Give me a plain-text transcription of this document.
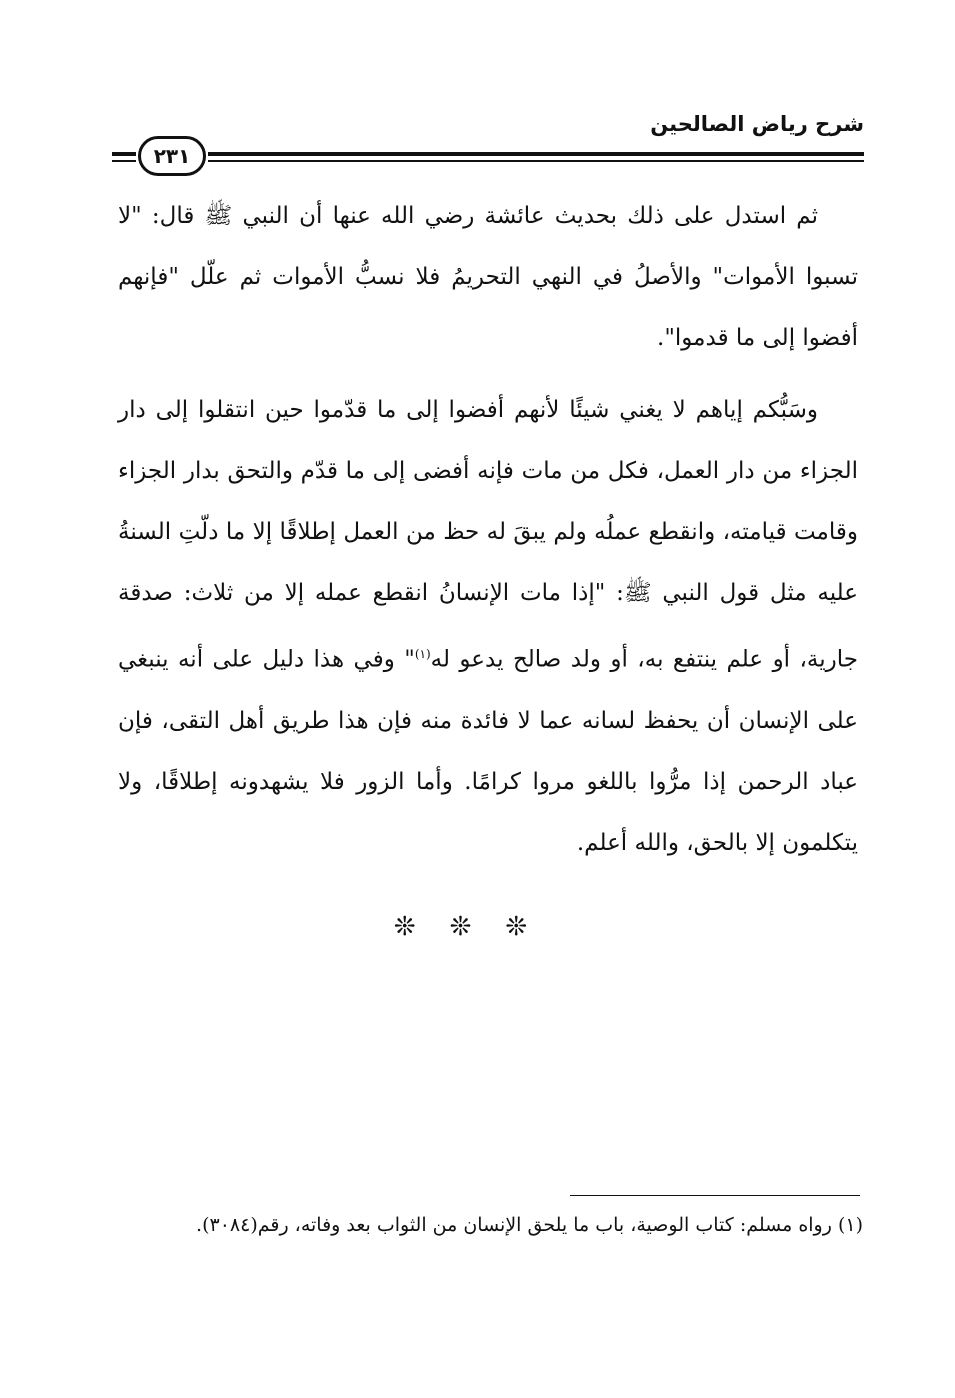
شرح رياض الصالحين
٢٣١

ثم استدل على ذلك بحديث عائشة رضي الله عنها أن النبي ﷺ قال: "لا تسبوا الأموات" والأصلُ في النهي التحريمُ فلا نسبُّ الأموات ثم علّل "فإنهم أفضوا إلى ما قدموا".

وسَبُّكم إياهم لا يغني شيئًا لأنهم أفضوا إلى ما قدّموا حين انتقلوا إلى دار الجزاء من دار العمل، فكل من مات فإنه أفضى إلى ما قدّم والتحق بدار الجزاء وقامت قيامته، وانقطع عملُه ولم يبقَ له حظ من العمل إطلاقًا إلا ما دلّتِ السنةُ عليه مثل قول النبي ﷺ: "إذا مات الإنسانُ انقطع عمله إلا من ثلاث: صدقة جارية، أو علم ينتفع به، أو ولد صالح يدعو له$^{(١)}$" وفي هذا دليل على أنه ينبغي على الإنسان أن يحفظ لسانه عما لا فائدة منه فإن هذا طريق أهل التقى، فإن عباد الرحمن إذا مرُّوا باللغو مروا كرامًا. وأما الزور فلا يشهدونه إطلاقًا، ولا يتكلمون إلا بالحق، والله أعلم.

❊❊❊

(١) رواه مسلم: كتاب الوصية، باب ما يلحق الإنسان من الثواب بعد وفاته، رقم(٣٠٨٤).
